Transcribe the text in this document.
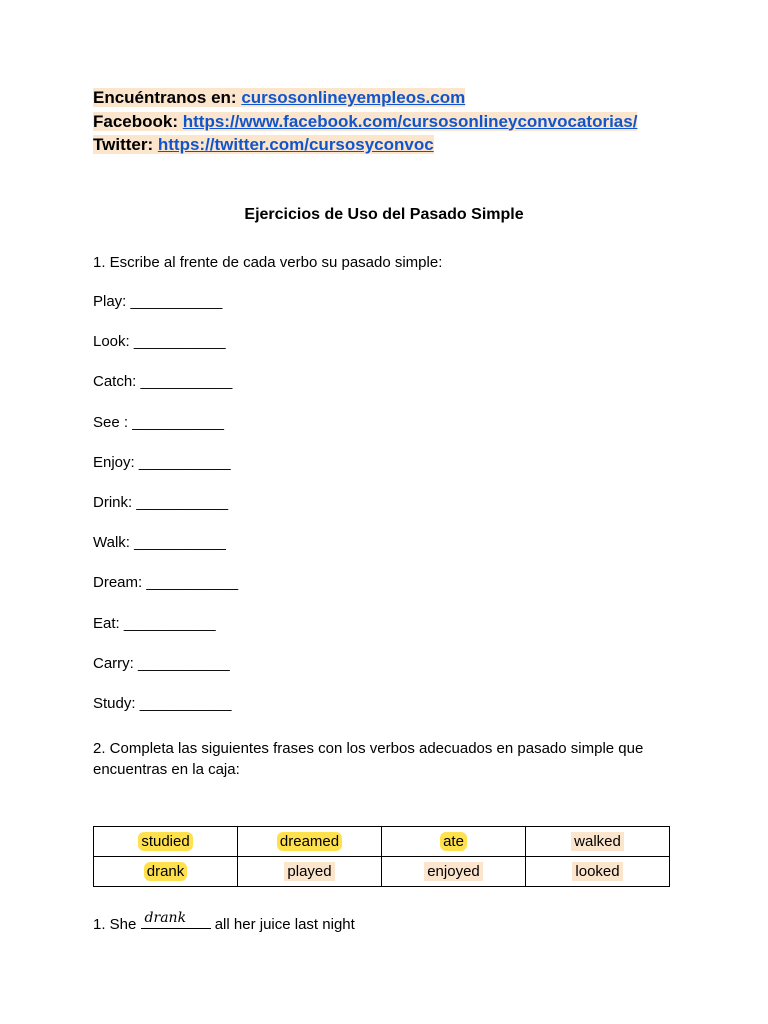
Encuéntranos en: cursosonlineyempleos.com
Facebook: https://www.facebook.com/cursosonlineyconvocatorias/
Twitter: https://twitter.com/cursosyconvoc
Ejercicios de Uso del Pasado Simple
1. Escribe al frente de cada verbo su pasado simple:
Play: ___________
Look: ___________
Catch: ___________
See : ___________
Enjoy: ___________
Drink: ___________
Walk: ___________
Dream: ___________
Eat: ___________
Carry: ___________
Study: ___________
2. Completa las siguientes frases con los verbos adecuados en pasado simple que encuentras en la caja:
studied	dreamed	ate	walked
drank	played	enjoyed	looked
1. She drank all her juice last night
